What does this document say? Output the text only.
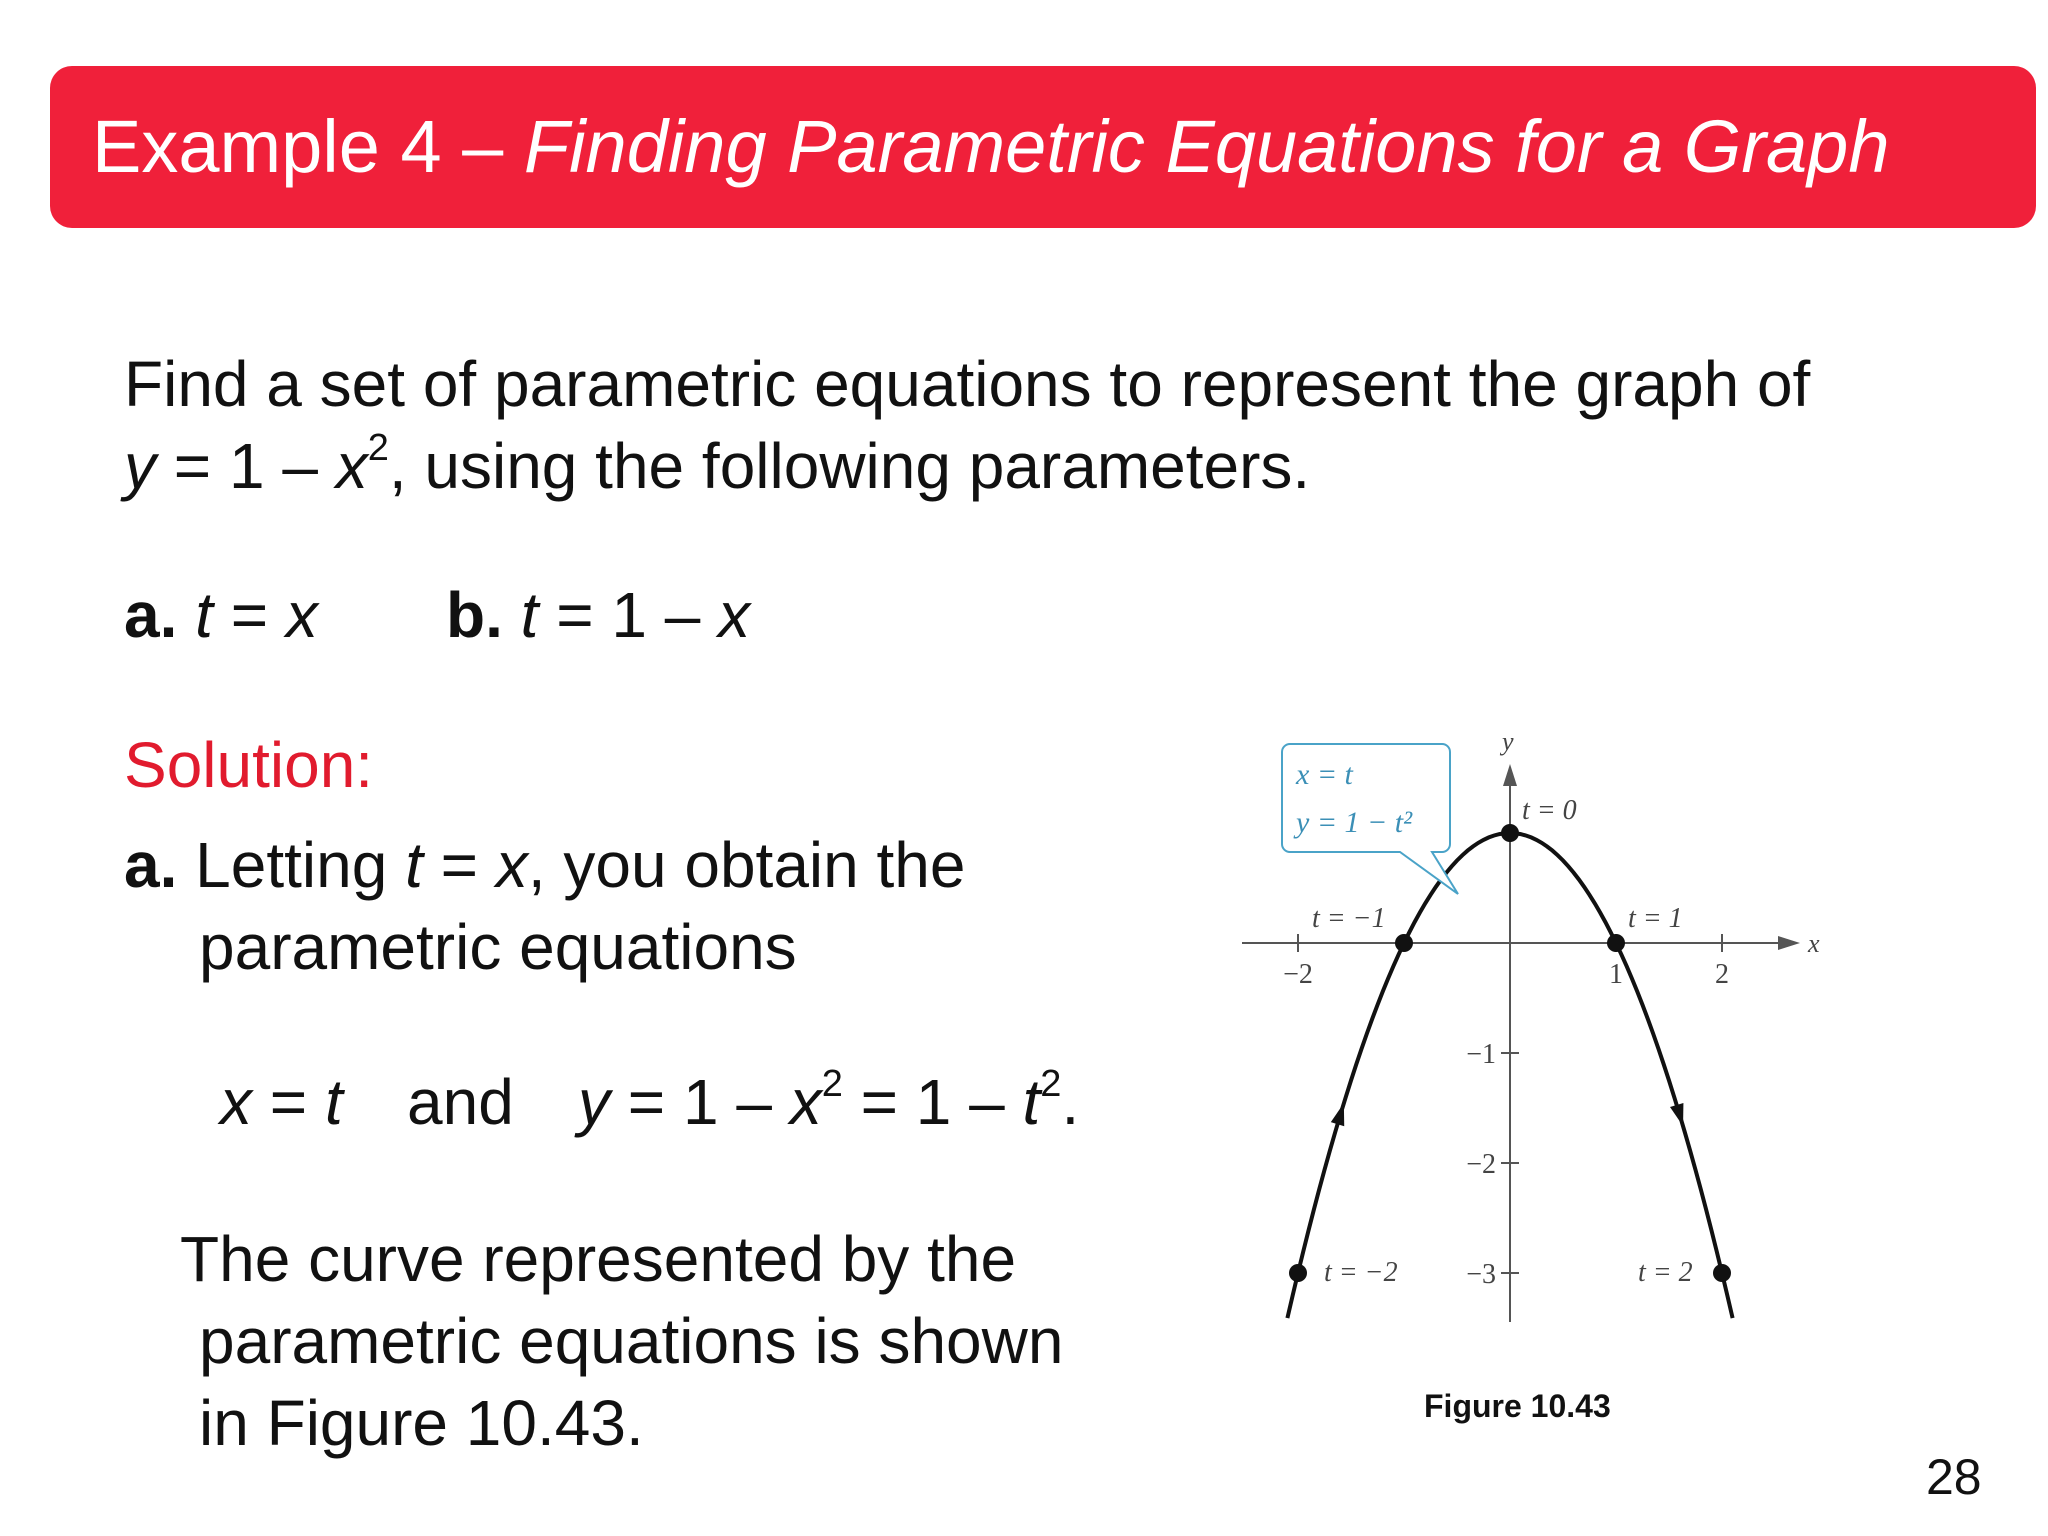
Example 4 – Finding Parametric Equations for a Graph
Find a set of parametric equations to represent the graph of
$y = 1 - x^2$, using the following parameters.
a. t = x b. t = 1 – x
Solution:
a. Letting t = x, you obtain the
parametric equations
x = t and $y = 1 - x^2 = 1 - t^2$.
The curve represented by the
parametric equations is shown
in Figure 10.43.
x
y
−2	1	2
−1
−2
−3
t = −2
t = −1
t = 0
t = 1
t = 2
x = t
y = 1 − t²
Figure 10.43
28
